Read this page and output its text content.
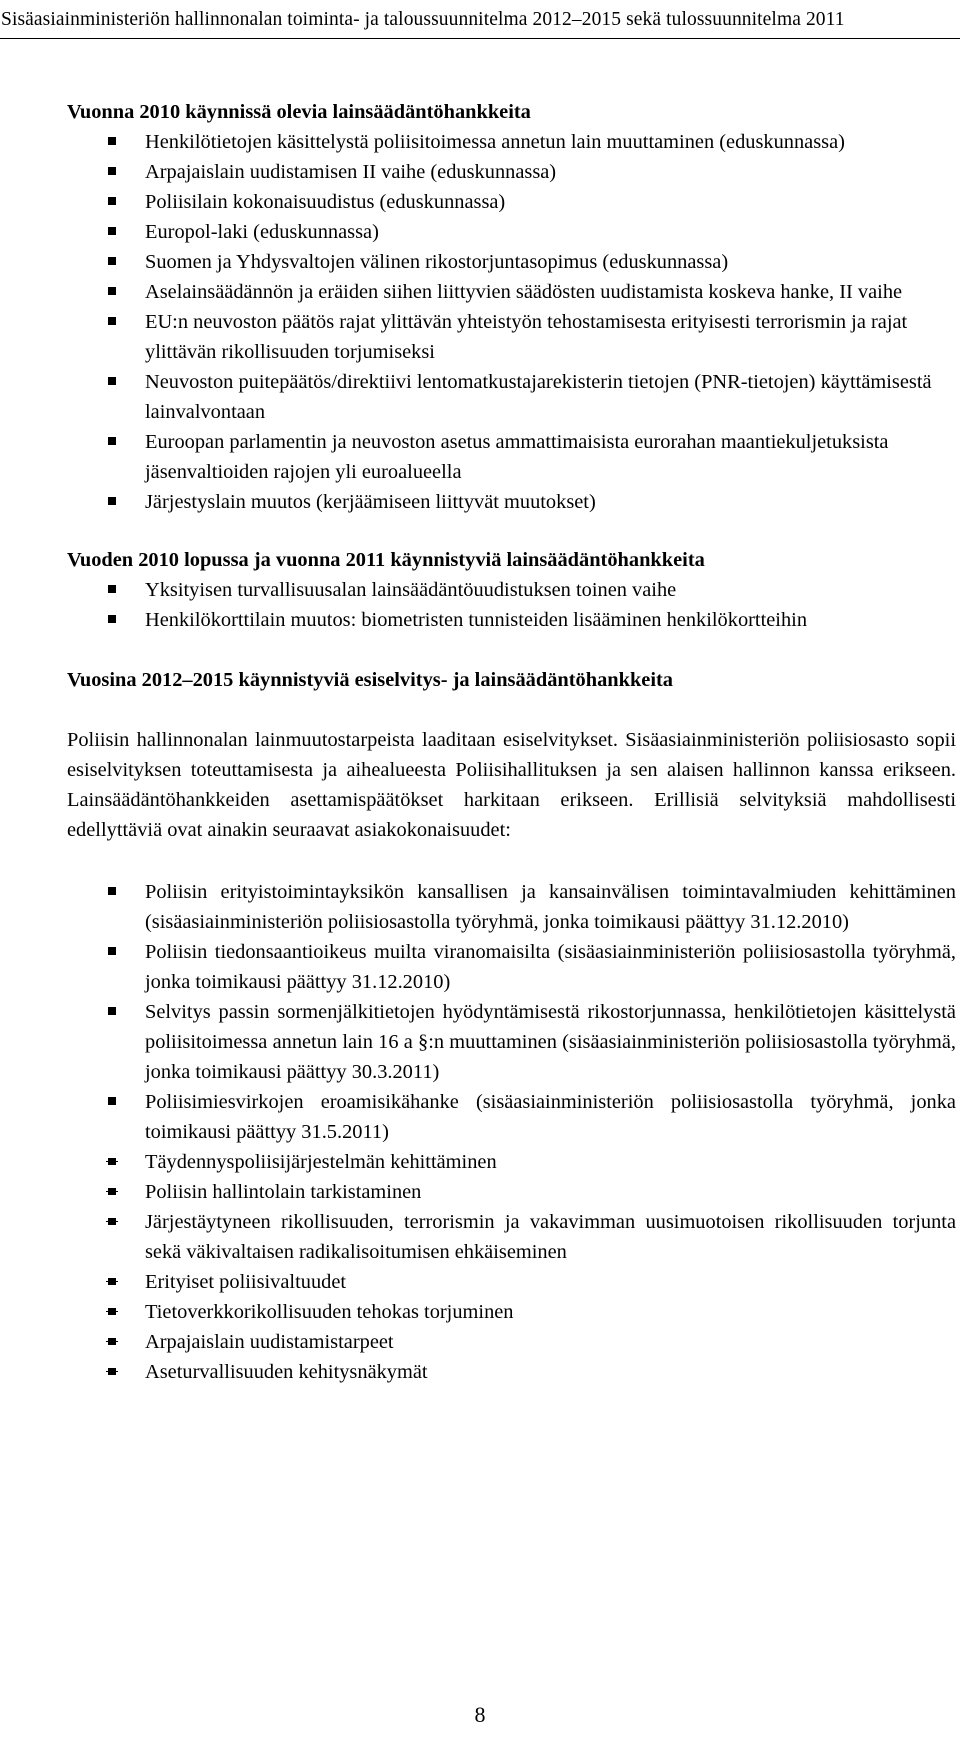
Sisäasiainministeriön hallinnonalan toiminta- ja taloussuunnitelma 2012–2015 sekä tulossuunnitelma 2011
Vuonna 2010 käynnissä olevia lainsäädäntöhankkeita
Henkilötietojen käsittelystä poliisitoimessa annetun lain muuttaminen (eduskunnassa)
Arpajaislain uudistamisen II vaihe (eduskunnassa)
Poliisilain kokonaisuudistus (eduskunnassa)
Europol-laki (eduskunnassa)
Suomen ja Yhdysvaltojen välinen rikostorjuntasopimus (eduskunnassa)
Aselainsäädännön ja eräiden siihen liittyvien säädösten uudistamista koskeva hanke, II vaihe
EU:n neuvoston päätös rajat ylittävän yhteistyön tehostamisesta erityisesti terrorismin ja rajat ylittävän rikollisuuden torjumiseksi
Neuvoston puitepäätös/direktiivi lentomatkustajarekisterin tietojen (PNR-tietojen) käyttämisestä lainvalvontaan
Euroopan parlamentin ja neuvoston asetus ammattimaisista eurorahan maantiekuljetuksista jäsenvaltioiden rajojen yli euroalueella
Järjestyslain muutos (kerjäämiseen liittyvät muutokset)
Vuoden 2010 lopussa ja vuonna 2011 käynnistyviä lainsäädäntöhankkeita
Yksityisen turvallisuusalan lainsäädäntöuudistuksen toinen vaihe
Henkilökorttilain muutos: biometristen tunnisteiden lisääminen henkilökortteihin
Vuosina 2012–2015 käynnistyviä esiselvitys- ja lainsäädäntöhankkeita

Poliisin hallinnonalan lainmuutostarpeista laaditaan esiselvitykset. Sisäasiainministeriön poliisiosasto sopii esiselvityksen toteuttamisesta ja aihealueesta Poliisihallituksen ja sen alaisen hallinnon kanssa erikseen. Lainsäädäntöhankkeiden asettamispäätökset harkitaan erikseen. Erillisiä selvityksiä mahdollisesti edellyttäviä ovat ainakin seuraavat asiakokonaisuudet:

Poliisin erityistoimintayksikön kansallisen ja kansainvälisen toimintavalmiuden kehittäminen (sisäasiainministeriön poliisiosastolla työryhmä, jonka toimikausi päättyy 31.12.2010)
Poliisin tiedonsaantioikeus muilta viranomaisilta (sisäasiainministeriön poliisiosastolla työryhmä, jonka toimikausi päättyy 31.12.2010)
Selvitys passin sormenjälkitietojen hyödyntämisestä rikostorjunnassa, henkilötietojen käsittelystä poliisitoimessa annetun lain 16 a §:n muuttaminen (sisäasiainministeriön poliisiosastolla työryhmä, jonka toimikausi päättyy 30.3.2011)
Poliisimiesvirkojen eroamisikähanke (sisäasiainministeriön poliisiosastolla työryhmä, jonka toimikausi päättyy 31.5.2011)
Täydennyspoliisijärjestelmän kehittäminen
Poliisin hallintolain tarkistaminen
Järjestäytyneen rikollisuuden, terrorismin ja vakavimman uusimuotoisen rikollisuuden torjunta sekä väkivaltaisen radikalisoitumisen ehkäiseminen
Erityiset poliisivaltuudet
Tietoverkkorikollisuuden tehokas torjuminen
Arpajaislain uudistamistarpeet
Aseturvallisuuden kehitysnäkymät
8
